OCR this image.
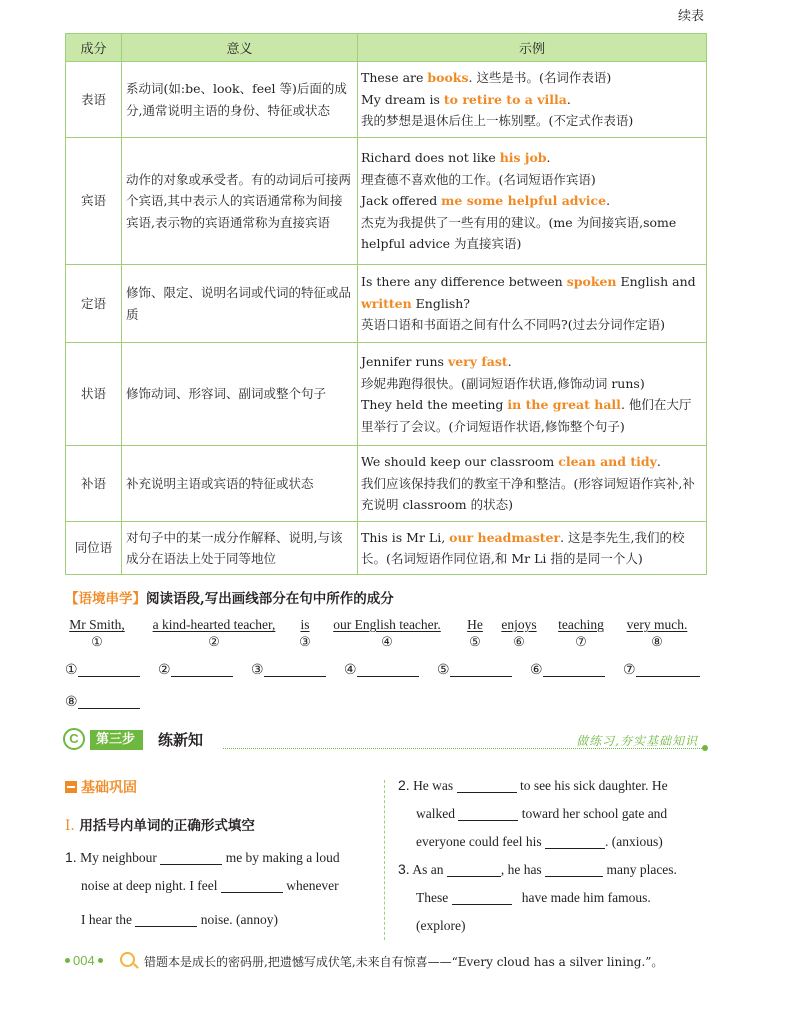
续表
成分	意义	示例
表语	系动词(如:be、look、feel 等)后面的成分,通常说明主语的身份、特征或状态	These are books. 这些是书。(名词作表语)
My dream is to retire to a villa.
我的梦想是退休后住上一栋别墅。(不定式作表语)
宾语	动作的对象或承受者。有的动词后可接两个宾语,其中表示人的宾语通常称为间接宾语,表示物的宾语通常称为直接宾语	Richard does not like his job.
理查德不喜欢他的工作。(名词短语作宾语)
Jack offered me some helpful advice.
杰克为我提供了一些有用的建议。(me 为间接宾语,some helpful advice 为直接宾语)
定语	修饰、限定、说明名词或代词的特征或品质	Is there any difference between spoken English and written English?
英语口语和书面语之间有什么不同吗?(过去分词作定语)
状语	修饰动词、形容词、副词或整个句子	Jennifer runs very fast.
珍妮弗跑得很快。(副词短语作状语,修饰动词 runs)
They held the meeting in the great hall. 他们在大厅里举行了会议。(介词短语作状语,修饰整个句子)
补语	补充说明主语或宾语的特征或状态	We should keep our classroom clean and tidy.
我们应该保持我们的教室干净和整洁。(形容词短语作宾补,补充说明 classroom 的状态)
同位语	对句子中的某一成分作解释、说明,与该成分在语法上处于同等地位	This is Mr Li, our headmaster. 这是李先生,我们的校长。(名词短语作同位语,和 Mr Li 指的是同一个人)
【语境串学】阅读语段,写出画线部分在句中所作的成分
Mr Smith,
①
a kind-hearted teacher,
②
is
③
our English teacher.
④
He
⑤
enjoys
⑥
teaching
⑦
very much.
⑧
①	②	③	④	⑤	⑥	⑦
⑧
C	第三步	练新知	做练习,夯实基础知识
基础巩固
I. 用括号内单词的正确形式填空
1. My neighbour	me by making a loud
noise at deep night. I feel	whenever
I hear the	noise. (annoy)
2. He was	to see his sick daughter. He
walked	toward her school gate and
everyone could feel his	. (anxious)
3. As an	, he has	many places.
These	have made him famous.
(explore)
004	错题本是成长的密码册,把遗憾写成伏笔,未来自有惊喜——“Every cloud has a silver lining.”。
